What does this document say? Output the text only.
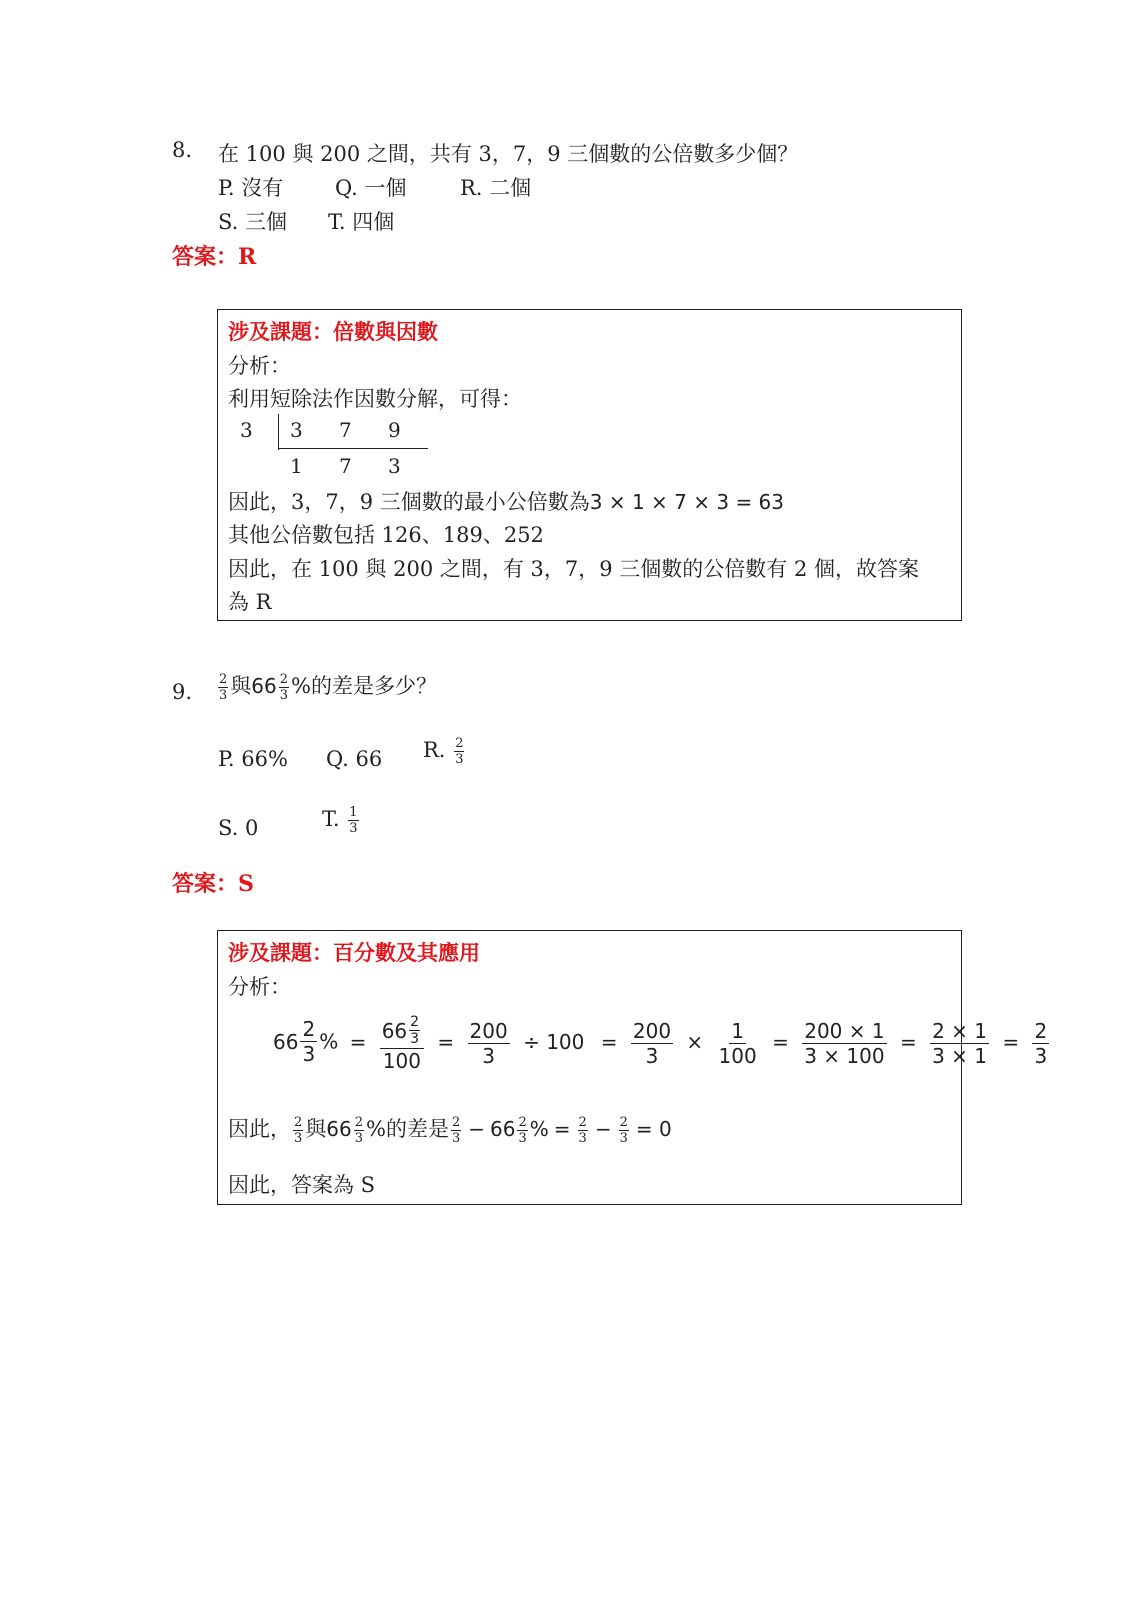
8. 在 100 與 200 之間，共有 3，7，9 三個數的公倍數多少個？
P. 沒有 Q. 一個	R. 二個
S. 三個 T. 四個
答案：R
涉及課題：倍數與因數
分析：
利用短除法作因數分解，可得：
3 3 7 9
1 7 3
因此，3，7，9 三個數的最小公倍數為3 × 1 × 7 × 3 = 63
其他公倍數包括 126、189、252
因此，在 100 與 200 之間，有 3，7，9 三個數的公倍數有 2 個，故答案
為 R
9. $\frac{2}{3}$ 與$66 \frac{2}{3}$ %的差是多少？
P. 66% Q. 66 R. $\frac{2}{3}$
S. 0	T. $\frac{1}{3}$
答案：S
涉及課題：百分數及其應用
分析：
$66 \frac{2}{3}$ % = $\frac{66 \frac{2}{3}}{100} = \frac{200}{3} \div 100 = \frac{200}{3} \times \frac{1}{100} = \frac{200 \times 1}{3 \times 100} = \frac{2 \times 1}{3 \times 1} = \frac{2}{3}$
因此， $\frac{2}{3}$ 與$66 \frac{2}{3}$ %的差是 $\frac{2}{3} - 66 \frac{2}{3}$ % = $\frac{2}{3} - \frac{2}{3} = 0$
因此，答案為 S
